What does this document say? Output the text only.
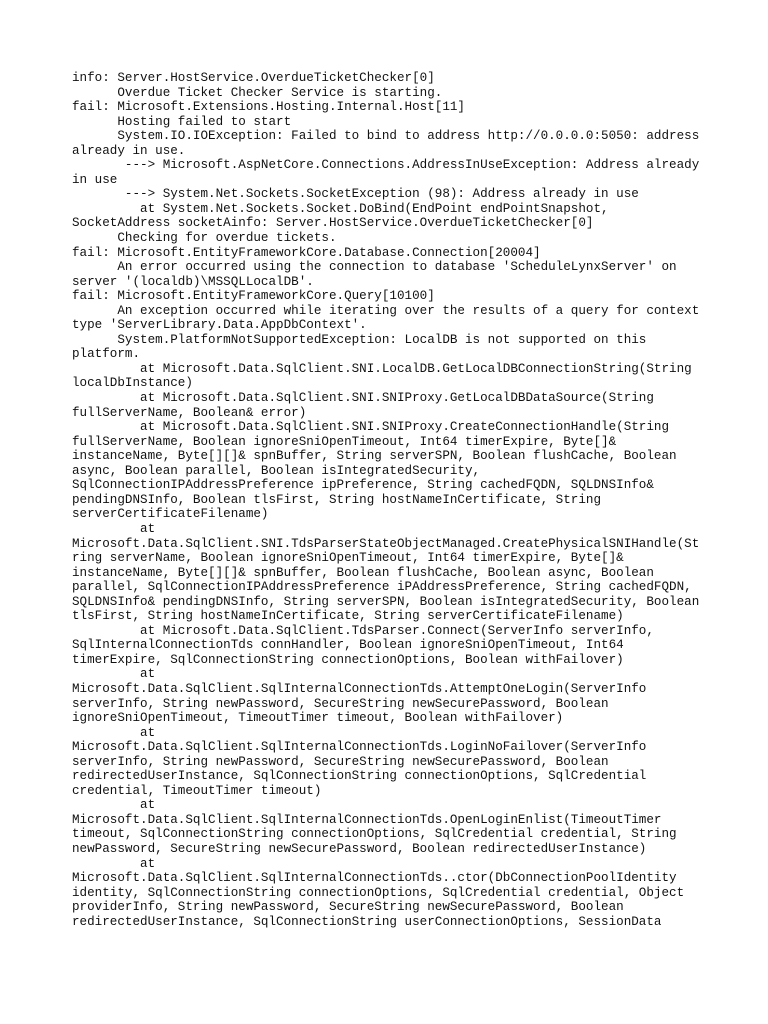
info: Server.HostService.OverdueTicketChecker[0]
Overdue Ticket Checker Service is starting.
fail: Microsoft.Extensions.Hosting.Internal.Host[11]
Hosting failed to start
System.IO.IOException: Failed to bind to address http://0.0.0.0:5050: address
already in use.
---> Microsoft.AspNetCore.Connections.AddressInUseException: Address already
in use
---> System.Net.Sockets.SocketException (98): Address already in use
at System.Net.Sockets.Socket.DoBind(EndPoint endPointSnapshot,
SocketAddress socketAinfo: Server.HostService.OverdueTicketChecker[0]
Checking for overdue tickets.
fail: Microsoft.EntityFrameworkCore.Database.Connection[20004]
An error occurred using the connection to database 'ScheduleLynxServer' on
server '(localdb)\MSSQLLocalDB'.
fail: Microsoft.EntityFrameworkCore.Query[10100]
An exception occurred while iterating over the results of a query for context
type 'ServerLibrary.Data.AppDbContext'.
System.PlatformNotSupportedException: LocalDB is not supported on this
platform.
at Microsoft.Data.SqlClient.SNI.LocalDB.GetLocalDBConnectionString(String
localDbInstance)
at Microsoft.Data.SqlClient.SNI.SNIProxy.GetLocalDBDataSource(String
fullServerName, Boolean& error)
at Microsoft.Data.SqlClient.SNI.SNIProxy.CreateConnectionHandle(String
fullServerName, Boolean ignoreSniOpenTimeout, Int64 timerExpire, Byte[]&
instanceName, Byte[][]& spnBuffer, String serverSPN, Boolean flushCache, Boolean
async, Boolean parallel, Boolean isIntegratedSecurity,
SqlConnectionIPAddressPreference ipPreference, String cachedFQDN, SQLDNSInfo&
pendingDNSInfo, Boolean tlsFirst, String hostNameInCertificate, String
serverCertificateFilename)
at
Microsoft.Data.SqlClient.SNI.TdsParserStateObjectManaged.CreatePhysicalSNIHandle(St
ring serverName, Boolean ignoreSniOpenTimeout, Int64 timerExpire, Byte[]&
instanceName, Byte[][]& spnBuffer, Boolean flushCache, Boolean async, Boolean
parallel, SqlConnectionIPAddressPreference iPAddressPreference, String cachedFQDN,
SQLDNSInfo& pendingDNSInfo, String serverSPN, Boolean isIntegratedSecurity, Boolean
tlsFirst, String hostNameInCertificate, String serverCertificateFilename)
at Microsoft.Data.SqlClient.TdsParser.Connect(ServerInfo serverInfo,
SqlInternalConnectionTds connHandler, Boolean ignoreSniOpenTimeout, Int64
timerExpire, SqlConnectionString connectionOptions, Boolean withFailover)
at
Microsoft.Data.SqlClient.SqlInternalConnectionTds.AttemptOneLogin(ServerInfo
serverInfo, String newPassword, SecureString newSecurePassword, Boolean
ignoreSniOpenTimeout, TimeoutTimer timeout, Boolean withFailover)
at
Microsoft.Data.SqlClient.SqlInternalConnectionTds.LoginNoFailover(ServerInfo
serverInfo, String newPassword, SecureString newSecurePassword, Boolean
redirectedUserInstance, SqlConnectionString connectionOptions, SqlCredential
credential, TimeoutTimer timeout)
at
Microsoft.Data.SqlClient.SqlInternalConnectionTds.OpenLoginEnlist(TimeoutTimer
timeout, SqlConnectionString connectionOptions, SqlCredential credential, String
newPassword, SecureString newSecurePassword, Boolean redirectedUserInstance)
at
Microsoft.Data.SqlClient.SqlInternalConnectionTds..ctor(DbConnectionPoolIdentity
identity, SqlConnectionString connectionOptions, SqlCredential credential, Object
providerInfo, String newPassword, SecureString newSecurePassword, Boolean
redirectedUserInstance, SqlConnectionString userConnectionOptions, SessionData
